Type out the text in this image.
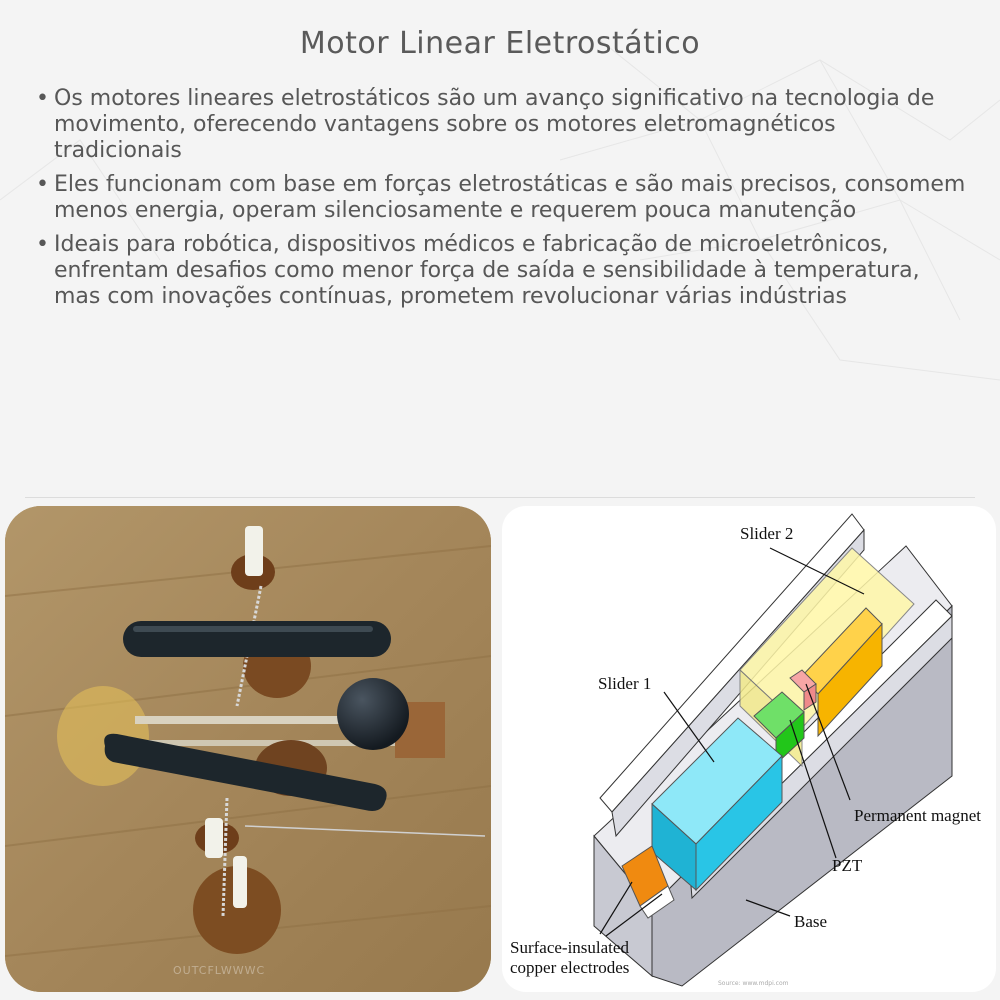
Motor Linear Eletrostático
• Os motores lineares eletrostáticos são um avanço significativo na tecnologia de movimento, oferecendo vantagens sobre os motores eletromagnéticos tradicionais
• Eles funcionam com base em forças eletrostáticas e são mais precisos, consomem menos energia, operam silenciosamente e requerem pouca manutenção
• Ideais para robótica, dispositivos médicos e fabricação de microeletrônicos, enfrentam desafios como menor força de saída e sensibilidade à temperatura, mas com inovações contínuas, prometem revolucionar várias indústrias
OUTCFLWWWC
Slider 2
Slider 1
Permanent magnet
PZT
Base
Surface-insulated
copper electrodes
Source: www.mdpi.com
